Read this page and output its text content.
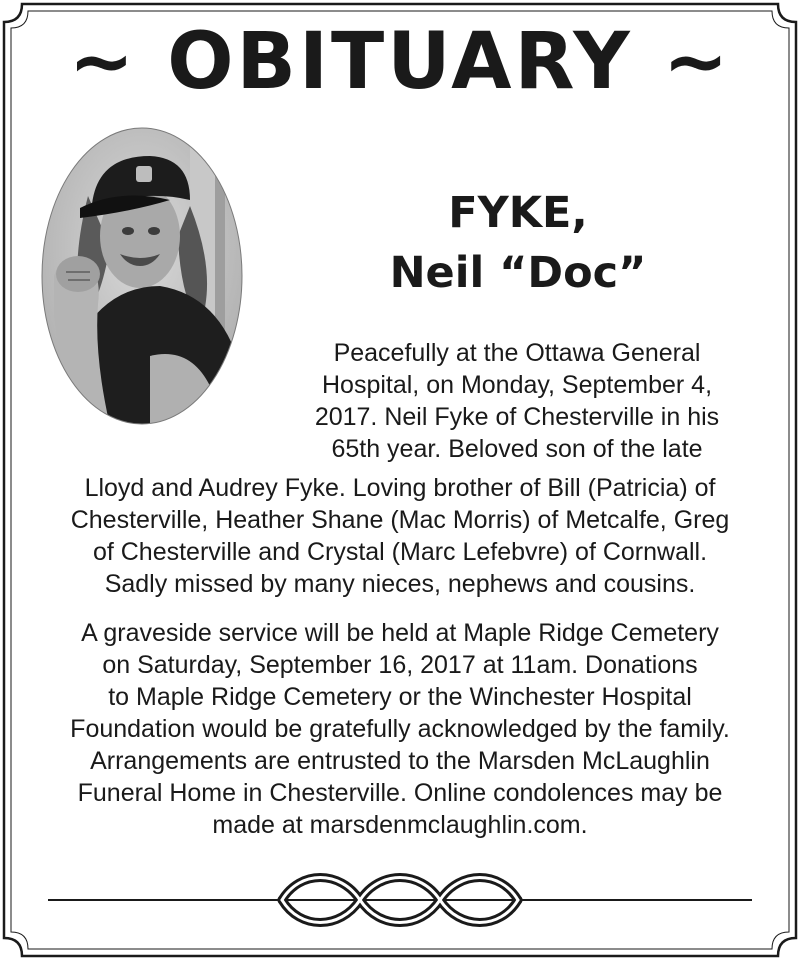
~ OBITUARY ~
FYKE,
Neil “Doc”
Peacefully at the Ottawa General
Hospital, on Monday, September 4,
2017. Neil Fyke of Chesterville in his
65th year. Beloved son of the late
Lloyd and Audrey Fyke. Loving brother of Bill (Patricia) of
Chesterville, Heather Shane (Mac Morris) of Metcalfe, Greg
of Chesterville and Crystal (Marc Lefebvre) of Cornwall.
Sadly missed by many nieces, nephews and cousins.
A graveside service will be held at Maple Ridge Cemetery
on Saturday, September 16, 2017 at 11am. Donations
to Maple Ridge Cemetery or the Winchester Hospital
Foundation would be gratefully acknowledged by the family.
Arrangements are entrusted to the Marsden McLaughlin
Funeral Home in Chesterville. Online condolences may be
made at marsdenmclaughlin.com.
